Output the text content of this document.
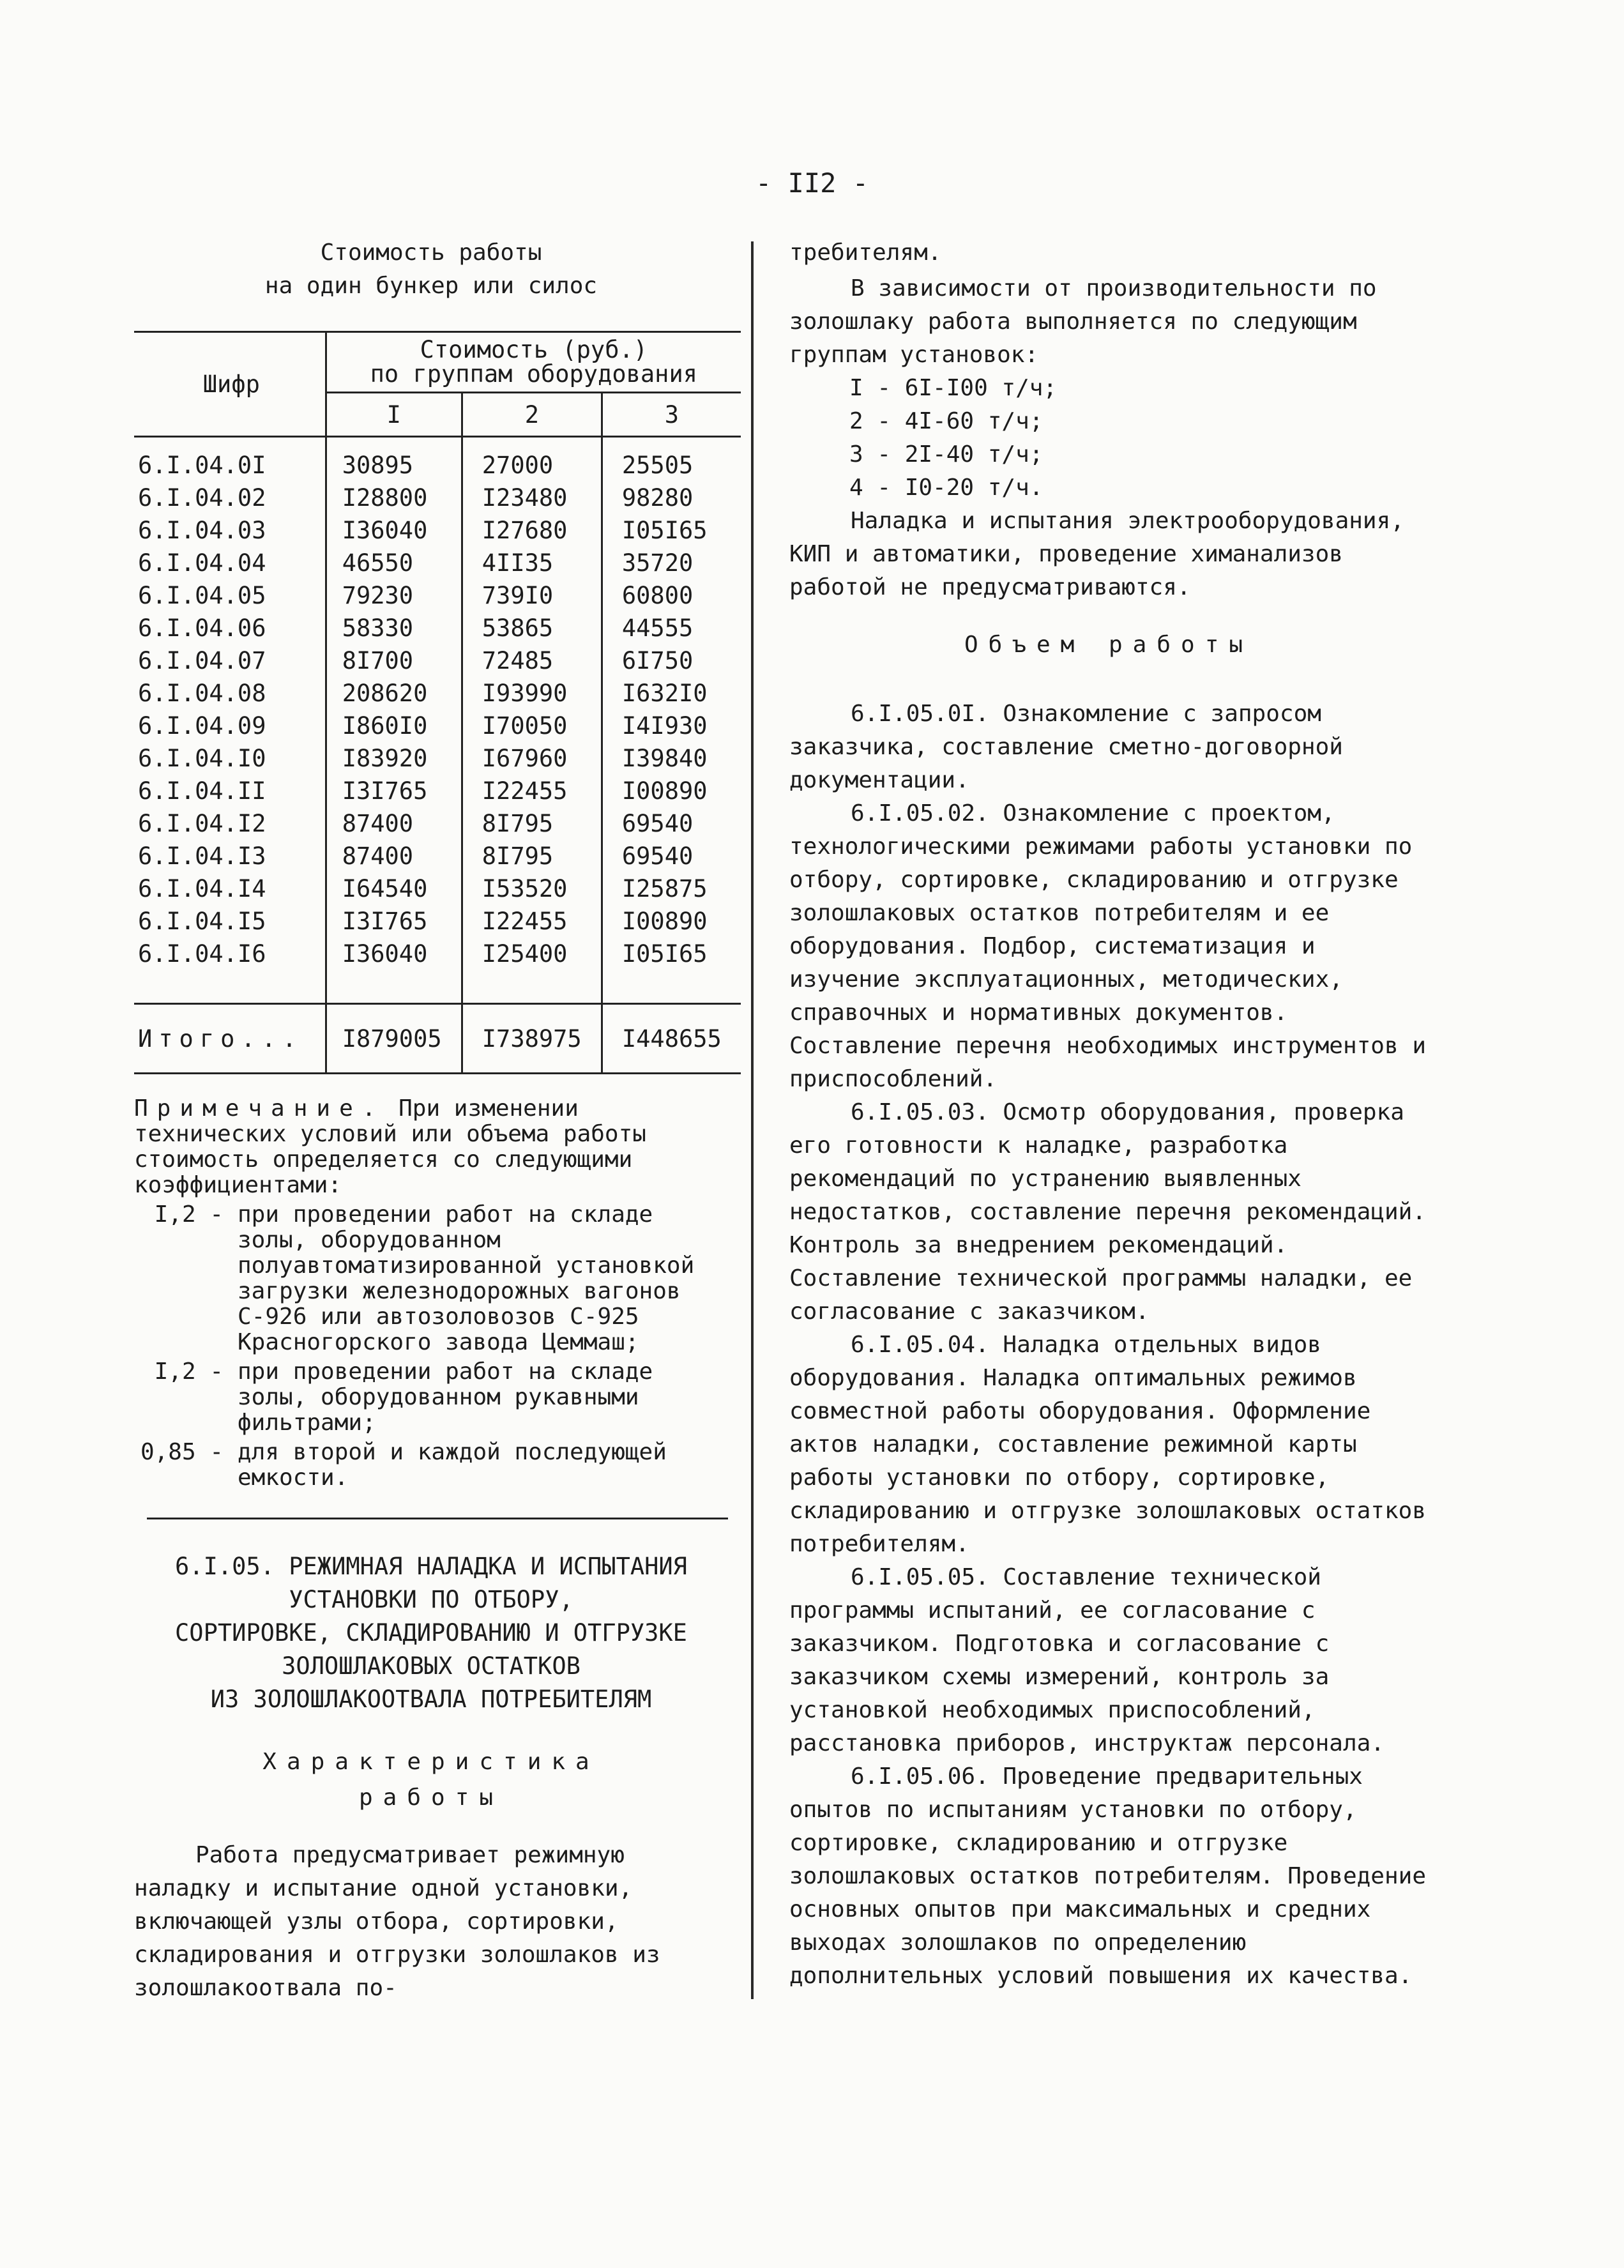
- II2 -
Стоимость работы
на один бункер или силос
Шифр	Стоимость (руб.)
по группам оборудования		

	I	2	3
6.I.04.0I	30895	27000	25505
6.I.04.02	I28800	I23480	98280
6.I.04.03	I36040	I27680	I05I65
6.I.04.04	46550	4II35	35720
6.I.04.05	79230	739I0	60800
6.I.04.06	58330	53865	44555
6.I.04.07	8I700	72485	6I750
6.I.04.08	208620	I93990	I632I0
6.I.04.09	I860I0	I70050	I4I930
6.I.04.I0	I83920	I67960	I39840
6.I.04.II	I3I765	I22455	I00890
6.I.04.I2	87400	8I795	69540
6.I.04.I3	87400	8I795	69540
6.I.04.I4	I64540	I53520	I25875
6.I.04.I5	I3I765	I22455	I00890
6.I.04.I6	I36040	I25400	I05I65

Итого...	I879005	I738975	I448655
Примечание. При изменении технических условий или объема работы стоимость определяется со следующими коэффициентами:
I,2 - при проведении работ на складе золы, оборудованном полуавтоматизированной установкой загрузки железнодорожных вагонов С-926 или автозоловозов С-925 Красногорского завода Цеммаш;
I,2 - при проведении работ на складе золы, оборудованном рукавными фильтрами;
0,85 - для второй и каждой последующей емкости.
6.I.05. РЕЖИМНАЯ НАЛАДКА И ИСПЫТАНИЯ
УСТАНОВКИ ПО ОТБОРУ,
СОРТИРОВКЕ, СКЛАДИРОВАНИЮ И ОТГРУЗКЕ
ЗОЛОШЛАКОВЫХ ОСТАТКОВ
ИЗ ЗОЛОШЛАКООТВАЛА ПОТРЕБИТЕЛЯМ
Характеристика
работы

Работа предусматривает режимную наладку и испытание одной установки, включающей узлы отбора, сортировки, складирования и отгрузки золошлаков из золошлакоотвала по-

требителям.

В зависимости от производительности по золошлаку работа выполняется по следующим группам установок:

I - 6I-I00 т/ч;
2 - 4I-60 т/ч;
3 - 2I-40 т/ч;
4 - I0-20 т/ч.

Наладка и испытания электрооборудования, КИП и автоматики, проведение химанализов работой не предусматриваются.

Объем работы

6.I.05.0I. Ознакомление с запросом заказчика, составление сметно-договорной документации.

6.I.05.02. Ознакомление с проектом, технологическими режимами работы установки по отбору, сортировке, складированию и отгрузке золошлаковых остатков потребителям и ее оборудования. Подбор, систематизация и изучение эксплуатационных, методических, справочных и нормативных документов. Составление перечня необходимых инструментов и приспособлений.

6.I.05.03. Осмотр оборудования, проверка его готовности к наладке, разработка рекомендаций по устранению выявленных недостатков, составление перечня рекомендаций. Контроль за внедрением рекомендаций. Составление технической программы наладки, ее согласование с заказчиком.

6.I.05.04. Наладка отдельных видов оборудования. Наладка оптимальных режимов совместной работы оборудования. Оформление актов наладки, составление режимной карты работы установки по отбору, сортировке, складированию и отгрузке золошлаковых остатков потребителям.

6.I.05.05. Составление технической программы испытаний, ее согласование с заказчиком. Подготовка и согласование с заказчиком схемы измерений, контроль за установкой необходимых приспособлений, расстановка приборов, инструктаж персонала.

6.I.05.06. Проведение предварительных опытов по испытаниям установки по отбору, сортировке, складированию и отгрузке золошлаковых остатков потребителям. Проведение основных опытов при максимальных и средних выходах золошлаков по определению дополнительных условий повышения их качества.
